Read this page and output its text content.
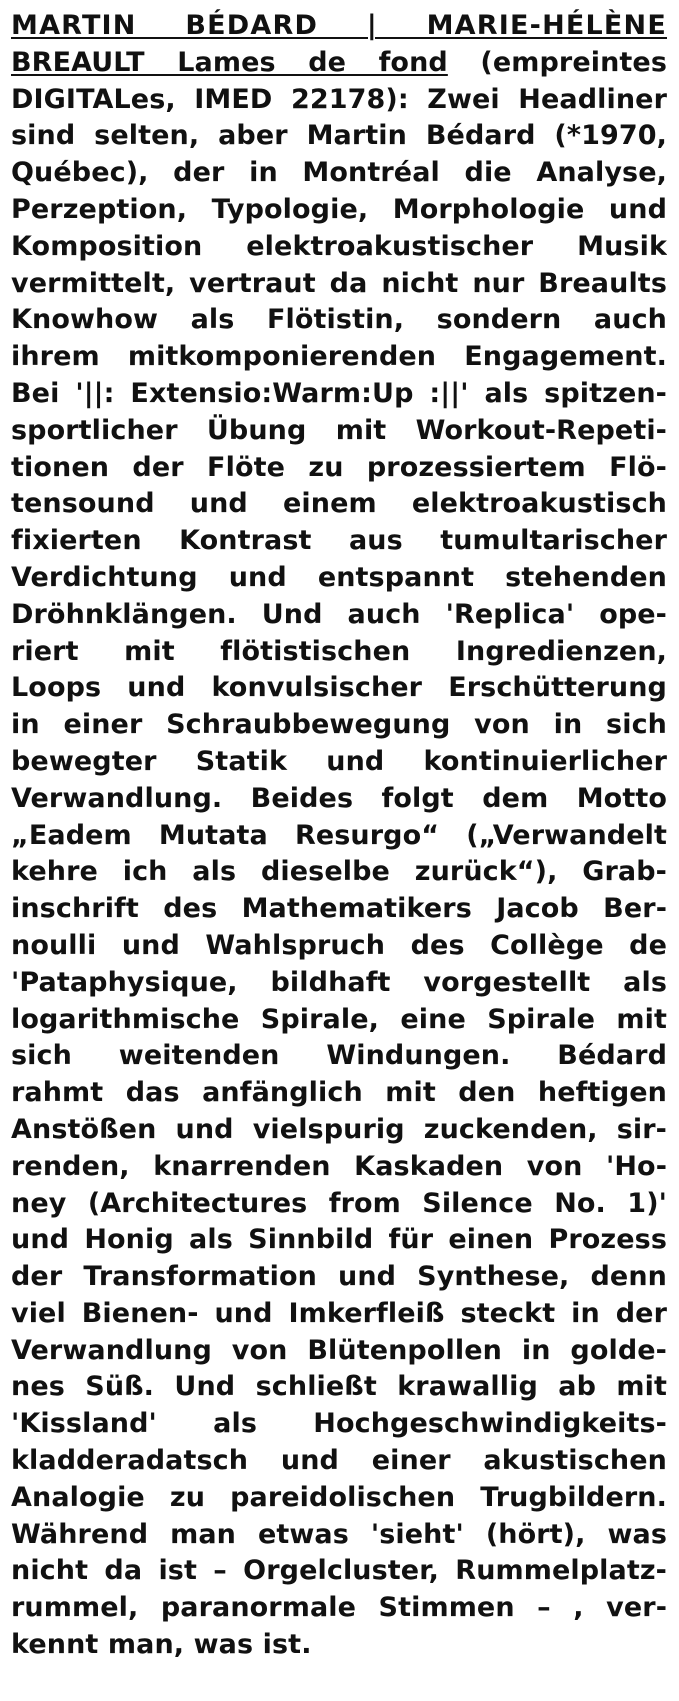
MARTIN BÉDARD | MARIE-HÉLÈNE
BREAULT Lames de fond (empreintes
DIGITALes, IMED 22178): Zwei Headliner
sind selten, aber Martin Bédard (*1970,
Québec), der in Montréal die Analyse,
Perzeption, Typologie, Morphologie und
Komposition elektroakustischer Musik
vermittelt, vertraut da nicht nur Breaults
Knowhow als Flötistin, sondern auch
ihrem mitkomponierenden Engagement.
Bei '||: Extensio:Warm:Up :||' als spitzen-
sportlicher Übung mit Workout-Repeti-
tionen der Flöte zu prozessiertem Flö-
tensound und einem elektroakustisch
fixierten Kontrast aus tumultarischer
Verdichtung und entspannt stehenden
Dröhnklängen. Und auch 'Replica' ope-
riert mit flötistischen Ingredienzen,
Loops und konvulsischer Erschütterung
in einer Schraubbewegung von in sich
bewegter Statik und kontinuierlicher
Verwandlung. Beides folgt dem Motto
„Eadem Mutata Resurgo“ („Verwandelt
kehre ich als dieselbe zurück“), Grab-
inschrift des Mathematikers Jacob Ber-
noulli und Wahlspruch des Collège de
'Pataphysique, bildhaft vorgestellt als
logarithmische Spirale, eine Spirale mit
sich weitenden Windungen. Bédard
rahmt das anfänglich mit den heftigen
Anstößen und vielspurig zuckenden, sir-
renden, knarrenden Kaskaden von 'Ho-
ney (Architectures from Silence No. 1)'
und Honig als Sinnbild für einen Prozess
der Transformation und Synthese, denn
viel Bienen- und Imkerfleiß steckt in der
Verwandlung von Blütenpollen in golde-
nes Süß. Und schließt krawallig ab mit
'Kissland' als Hochgeschwindigkeits-
kladderadatsch und einer akustischen
Analogie zu pareidolischen Trugbildern.
Während man etwas 'sieht' (hört), was
nicht da ist – Orgelcluster, Rummelplatz-
rummel, paranormale Stimmen – , ver-
kennt man, was ist.
